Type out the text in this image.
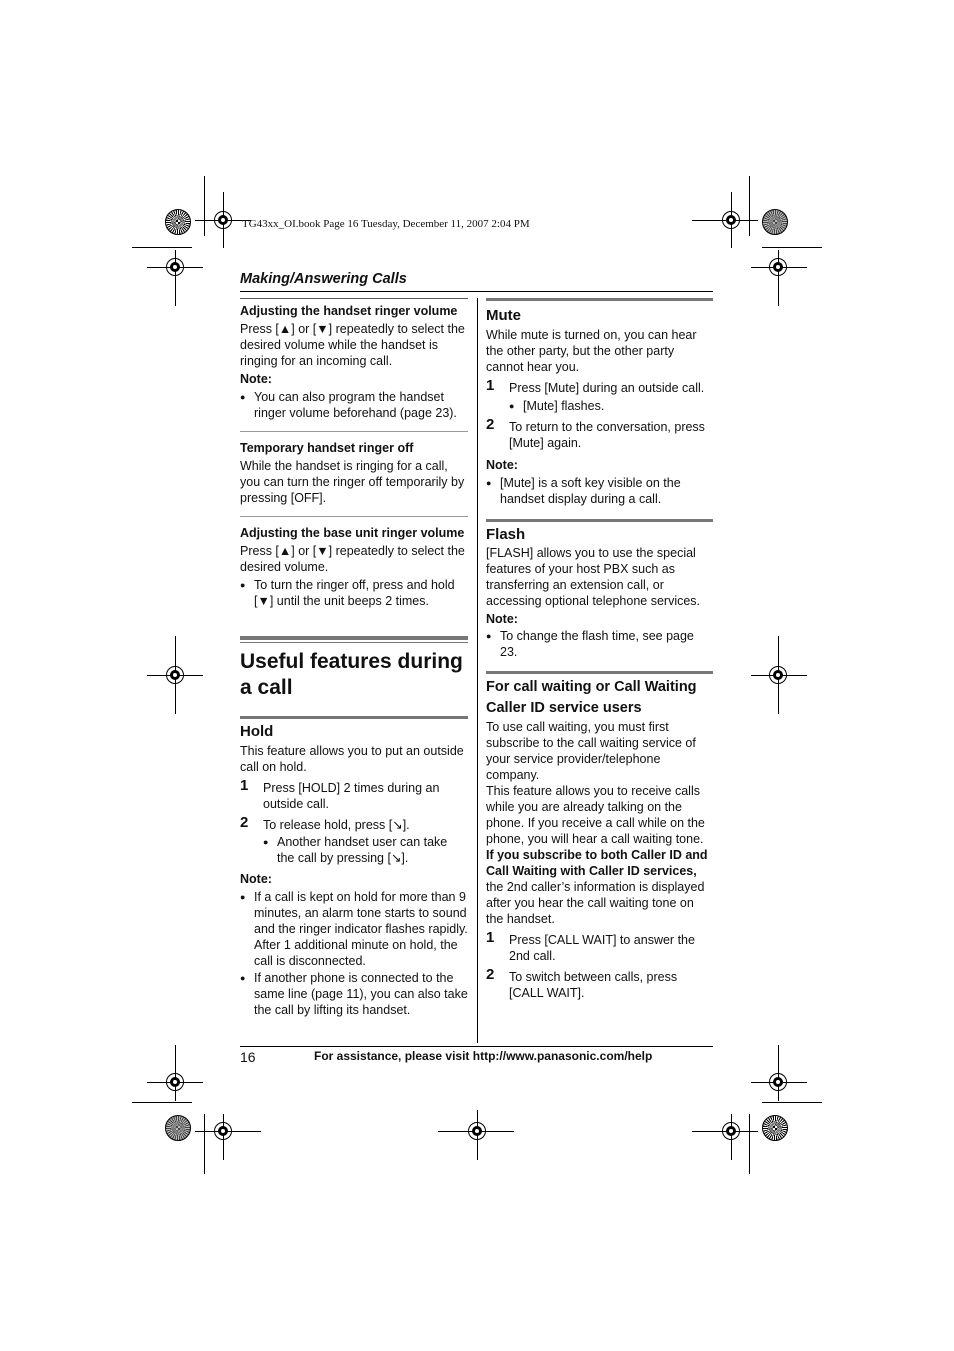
TG43xx_OI.book Page 16 Tuesday, December 11, 2007 2:04 PM
Making/Answering Calls

Adjusting the handset ringer volume

Press [▲] or [▼] repeatedly to select the desired volume while the handset is ringing for an incoming call.

Note:

● You can also program the handset ringer volume beforehand (page 23).

Temporary handset ringer off

While the handset is ringing for a call, you can turn the ringer off temporarily by pressing [OFF].

Adjusting the base unit ringer volume

Press [▲] or [▼] repeatedly to select the desired volume.

● To turn the ringer off, press and hold [▼] until the unit beeps 2 times.
Useful features during a call

Hold

This feature allows you to put an outside call on hold.

1 Press [HOLD] 2 times during an outside call.
2 To release hold, press [↘].
● Another handset user can take the call by pressing [↘].

Note:

● If a call is kept on hold for more than 9 minutes, an alarm tone starts to sound and the ringer indicator flashes rapidly. After 1 additional minute on hold, the call is disconnected.
● If another phone is connected to the same line (page 11), you can also take the call by lifting its handset.

Mute

While mute is turned on, you can hear the other party, but the other party cannot hear you.

1 Press [Mute] during an outside call.
● [Mute] flashes.
2 To return to the conversation, press [Mute] again.

Note:

● [Mute] is a soft key visible on the handset display during a call.

Flash

[FLASH] allows you to use the special features of your host PBX such as transferring an extension call, or accessing optional telephone services.

Note:

● To change the flash time, see page 23.

For call waiting or Call Waiting Caller ID service users

To use call waiting, you must first subscribe to the call waiting service of your service provider/telephone company.

This feature allows you to receive calls while you are already talking on the phone. If you receive a call while on the phone, you will hear a call waiting tone.

If you subscribe to both Caller ID and Call Waiting with Caller ID services,

the 2nd caller’s information is displayed after you hear the call waiting tone on the handset.

1 Press [CALL WAIT] to answer the 2nd call.
2 To switch between calls, press [CALL WAIT].
16	For assistance, please visit http://www.panasonic.com/help
